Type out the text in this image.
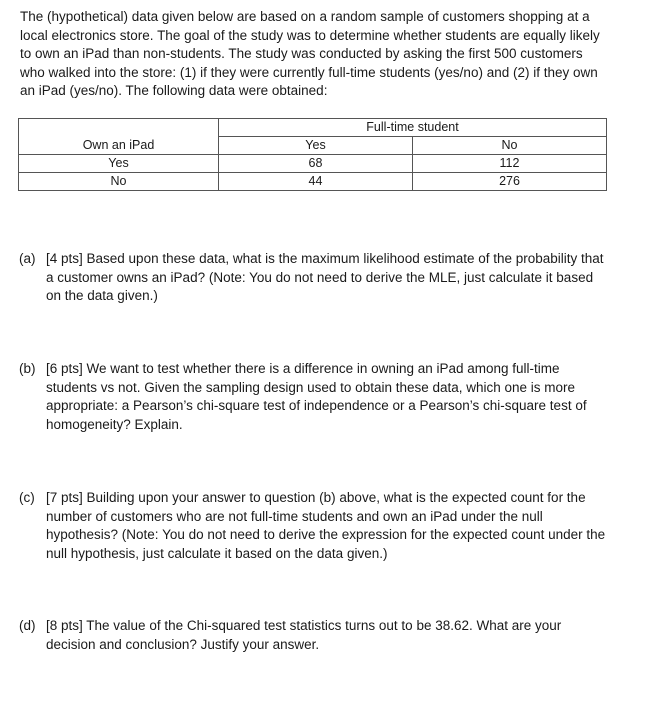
The (hypothetical) data given below are based on a random sample of customers shopping at a local electronics store. The goal of the study was to determine whether students are equally likely to own an iPad than non-students. The study was conducted by asking the first 500 customers who walked into the store: (1) if they were currently full-time students (yes/no) and (2) if they own an iPad (yes/no). The following data were obtained:

	Full-time student	
Own an iPad	Yes	No
Yes	68	112
No	44	276
(a) [4 pts] Based upon these data, what is the maximum likelihood estimate of the probability that a customer owns an iPad? (Note: You do not need to derive the MLE, just calculate it based on the data given.)
(b) [6 pts] We want to test whether there is a difference in owning an iPad among full-time students vs not. Given the sampling design used to obtain these data, which one is more appropriate: a Pearson’s chi-square test of independence or a Pearson’s chi-square test of homogeneity? Explain.
(c) [7 pts] Building upon your answer to question (b) above, what is the expected count for the number of customers who are not full-time students and own an iPad under the null hypothesis? (Note: You do not need to derive the expression for the expected count under the null hypothesis, just calculate it based on the data given.)
(d) [8 pts] The value of the Chi-squared test statistics turns out to be 38.62. What are your decision and conclusion? Justify your answer.
